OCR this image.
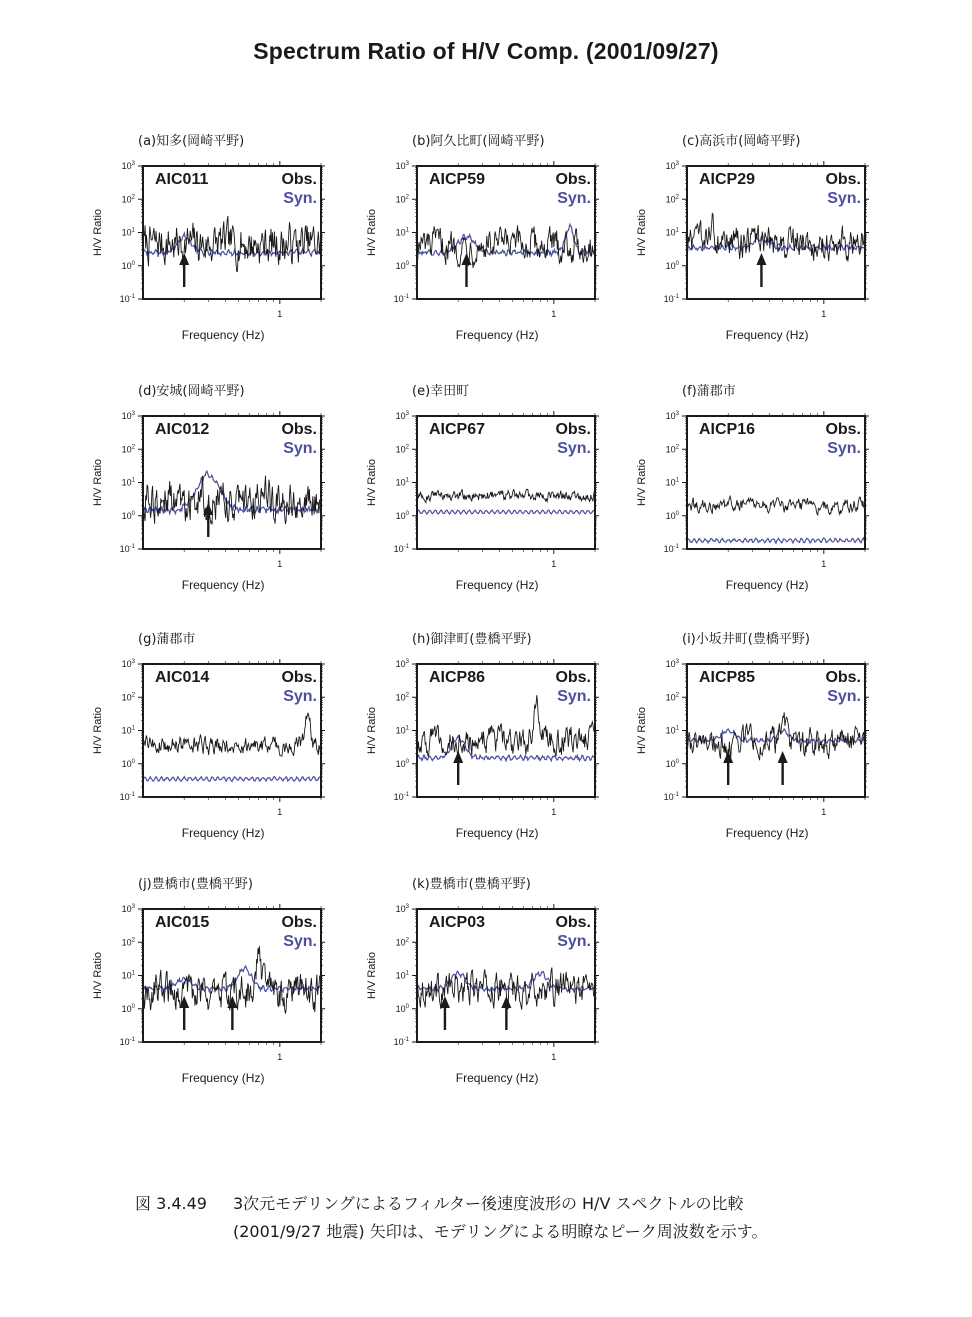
Spectrum Ratio of H/V Comp. (2001/09/27)
(a)知多(岡崎平野)
$10^{-1}$
$10^0$
$10^1$
$10^2$
$10^3$
1
Frequency (Hz)
H/V Ratio
AIC011	Obs.
Syn.
(b)阿久比町(岡崎平野)
$10^{-1}$
$10^0$
$10^1$
$10^2$
$10^3$
1
Frequency (Hz)
H/V Ratio
AICP59	Obs.
Syn.
(c)高浜市(岡崎平野)
$10^{-1}$
$10^0$
$10^1$
$10^2$
$10^3$
1
Frequency (Hz)
H/V Ratio
AICP29	Obs.
Syn.
(d)安城(岡崎平野)
$10^{-1}$
$10^0$
$10^1$
$10^2$
$10^3$
1
Frequency (Hz)
H/V Ratio
AIC012	Obs.
Syn.
(e)幸田町
$10^{-1}$
$10^0$
$10^1$
$10^2$
$10^3$
1
Frequency (Hz)
H/V Ratio
AICP67	Obs.
Syn.
(f)蒲郡市
$10^{-1}$
$10^0$
$10^1$
$10^2$
$10^3$
1
Frequency (Hz)
H/V Ratio
AICP16	Obs.
Syn.
(g)蒲郡市
$10^{-1}$
$10^0$
$10^1$
$10^2$
$10^3$
1
Frequency (Hz)
H/V Ratio
AIC014	Obs.
Syn.
(h)御津町(豊橋平野)
$10^{-1}$
$10^0$
$10^1$
$10^2$
$10^3$
1
Frequency (Hz)
H/V Ratio
AICP86	Obs.
Syn.
(i)小坂井町(豊橋平野)
$10^{-1}$
$10^0$
$10^1$
$10^2$
$10^3$
1
Frequency (Hz)
H/V Ratio
AICP85	Obs.
Syn.
(j)豊橋市(豊橋平野)
$10^{-1}$
$10^0$
$10^1$
$10^2$
$10^3$
1
Frequency (Hz)
H/V Ratio
AIC015	Obs.
Syn.
(k)豊橋市(豊橋平野)
$10^{-1}$
$10^0$
$10^1$
$10^2$
$10^3$
1
Frequency (Hz)
H/V Ratio
AICP03	Obs.
Syn.
図 3.4.49 3次元モデリングによるフィルター後速度波形の H/V スペクトルの比較
(2001/9/27 地震) 矢印は、モデリングによる明瞭なピーク周波数を示す。
